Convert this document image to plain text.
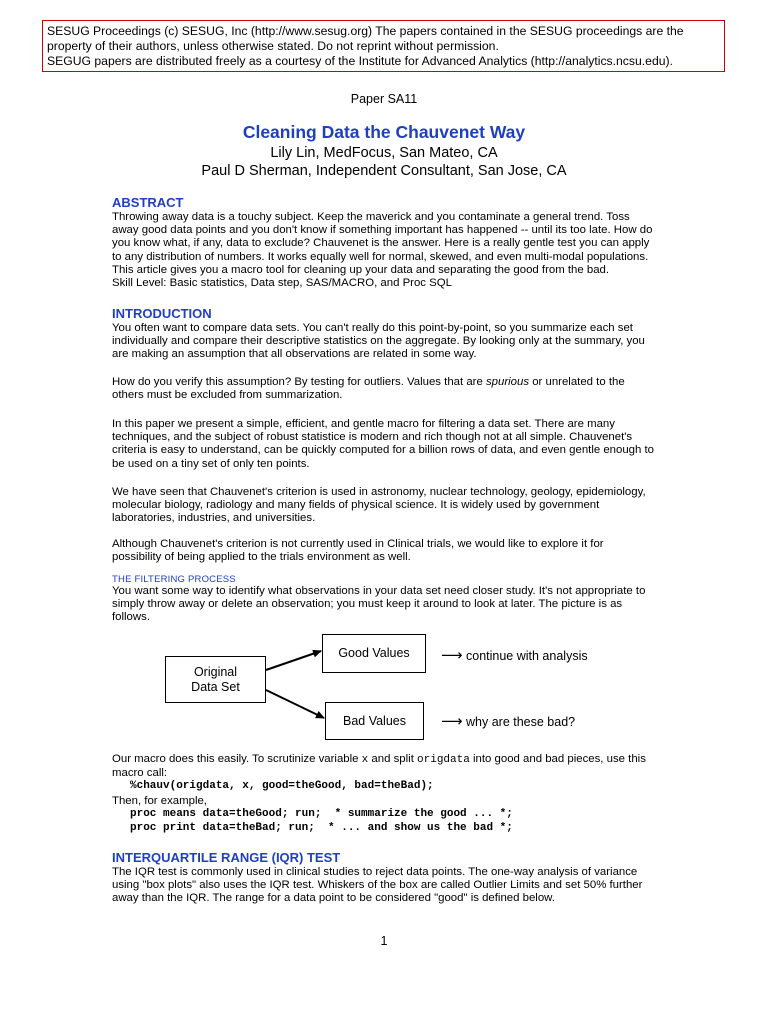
SESUG Proceedings (c) SESUG, Inc (http://www.sesug.org) The papers contained in the SESUG proceedings are the
property of their authors, unless otherwise stated. Do not reprint without permission.
SEGUG papers are distributed freely as a courtesy of the Institute for Advanced Analytics (http://analytics.ncsu.edu).
Paper SA11
Cleaning Data the Chauvenet Way
Lily Lin, MedFocus, San Mateo, CA
Paul D Sherman, Independent Consultant, San Jose, CA
ABSTRACT
Throwing away data is a touchy subject. Keep the maverick and you contaminate a general trend. Toss
away good data points and you don't know if something important has happened -- until its too late. How do
you know what, if any, data to exclude? Chauvenet is the answer. Here is a really gentle test you can apply
to any distribution of numbers. It works equally well for normal, skewed, and even multi-modal populations.
This article gives you a macro tool for cleaning up your data and separating the good from the bad.
Skill Level: Basic statistics, Data step, SAS/MACRO, and Proc SQL
INTRODUCTION
You often want to compare data sets. You can't really do this point-by-point, so you summarize each set
individually and compare their descriptive statistics on the aggregate. By looking only at the summary, you
are making an assumption that all observations are related in some way.
How do you verify this assumption? By testing for outliers. Values that are spurious or unrelated to the
others must be excluded from summarization.
In this paper we present a simple, efficient, and gentle macro for filtering a data set. There are many
techniques, and the subject of robust statistice is modern and rich though not at all simple. Chauvenet's
criteria is easy to understand, can be quickly computed for a billion rows of data, and even gentle enough to
be used on a tiny set of only ten points.
We have seen that Chauvenet's criterion is used in astronomy, nuclear technology, geology, epidemiology,
molecular biology, radiology and many fields of physical science. It is widely used by government
laboratories, industries, and universities.
Although Chauvenet's criterion is not currently used in Clinical trials, we would like to explore it for
possibility of being applied to the trials environment as well.
THE FILTERING PROCESS
You want some way to identify what observations in your data set need closer study. It's not appropriate to
simply throw away or delete an observation; you must keep it around to look at later. The picture is as
follows.
Original
Data Set
Good Values
Bad Values
⟶ continue with analysis
⟶ why are these bad?
Our macro does this easily. To scrutinize variable x and split origdata into good and bad pieces, use this
macro call:
%chauv(origdata, x, good=theGood, bad=theBad);
Then, for example,
proc means data=theGood; run;  * summarize the good ... *;
proc print data=theBad; run;  * ... and show us the bad *;
INTERQUARTILE RANGE (IQR) TEST
The IQR test is commonly used in clinical studies to reject data points. The one-way analysis of variance
using "box plots" also uses the IQR test. Whiskers of the box are called Outlier Limits and set 50% further
away than the IQR. The range for a data point to be considered "good" is defined below.
1
